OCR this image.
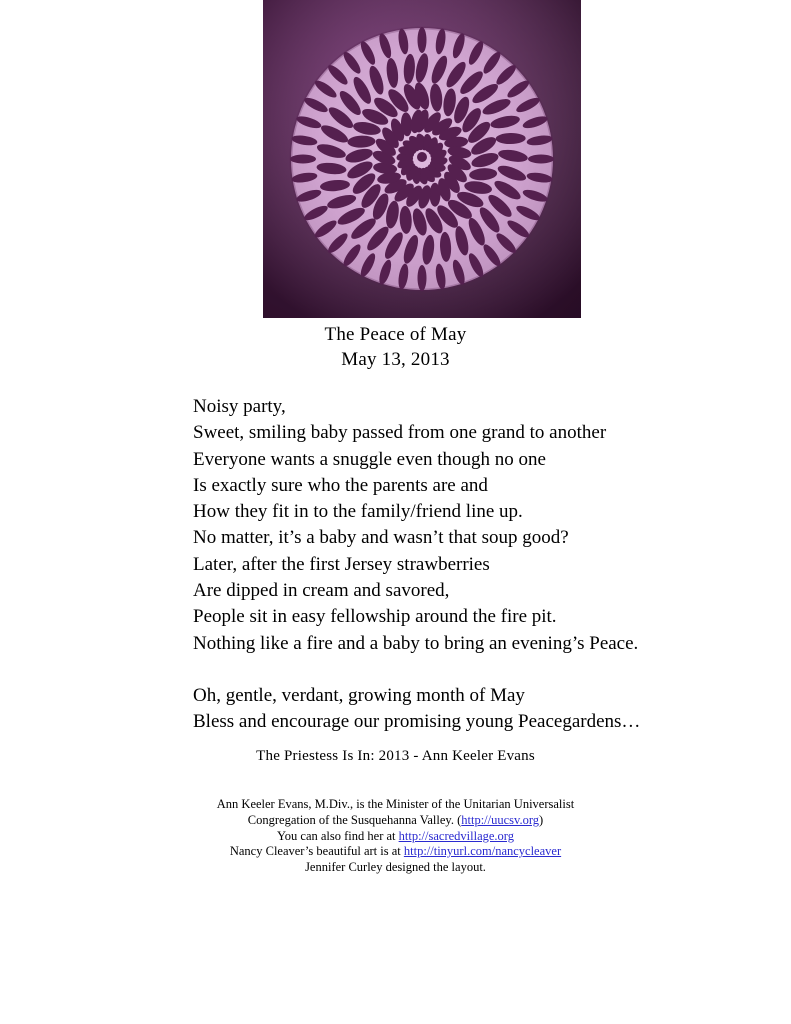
The Peace of May
May 13, 2013
Noisy party,
Sweet, smiling baby passed from one grand to another
Everyone wants a snuggle even though no one
Is exactly sure who the parents are and
How they fit in to the family/friend line up.
No matter, it’s a baby and wasn’t that soup good?
Later, after the first Jersey strawberries
Are dipped in cream and savored,
People sit in easy fellowship around the fire pit.
Nothing like a fire and a baby to bring an evening’s Peace.
Oh, gentle, verdant, growing month of May
Bless and encourage our promising young Peacegardens…
The Priestess Is In: 2013 - Ann Keeler Evans
Ann Keeler Evans, M.Div., is the Minister of the Unitarian Universalist
Congregation of the Susquehanna Valley. (http://uucsv.org)
You can also find her at http://sacredvillage.org
Nancy Cleaver’s beautiful art is at http://tinyurl.com/nancycleaver
Jennifer Curley designed the layout.
